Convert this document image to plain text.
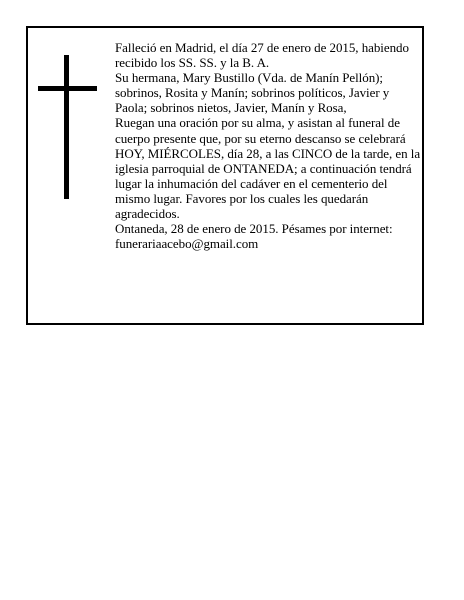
Falleció en Madrid, el día 27 de enero de 2015, habiendo recibido los SS. SS. y la B. A.

Su hermana, Mary Bustillo (Vda. de Manín Pellón); sobrinos, Rosita y Manín; sobrinos políticos, Javier y Paola; sobrinos nietos, Javier, Manín y Rosa,

Ruegan una oración por su alma, y asistan al funeral de cuerpo presente que, por su eterno descanso se celebrará HOY, MIÉRCOLES, día 28, a las CINCO de la tarde, en la iglesia parroquial de ONTANEDA; a continuación tendrá lugar la inhumación del cadáver en el cementerio del mismo lugar. Favores por los cuales les quedarán agradecidos.

Ontaneda, 28 de enero de 2015. Pésames por internet: funerariaacebo@gmail.com
